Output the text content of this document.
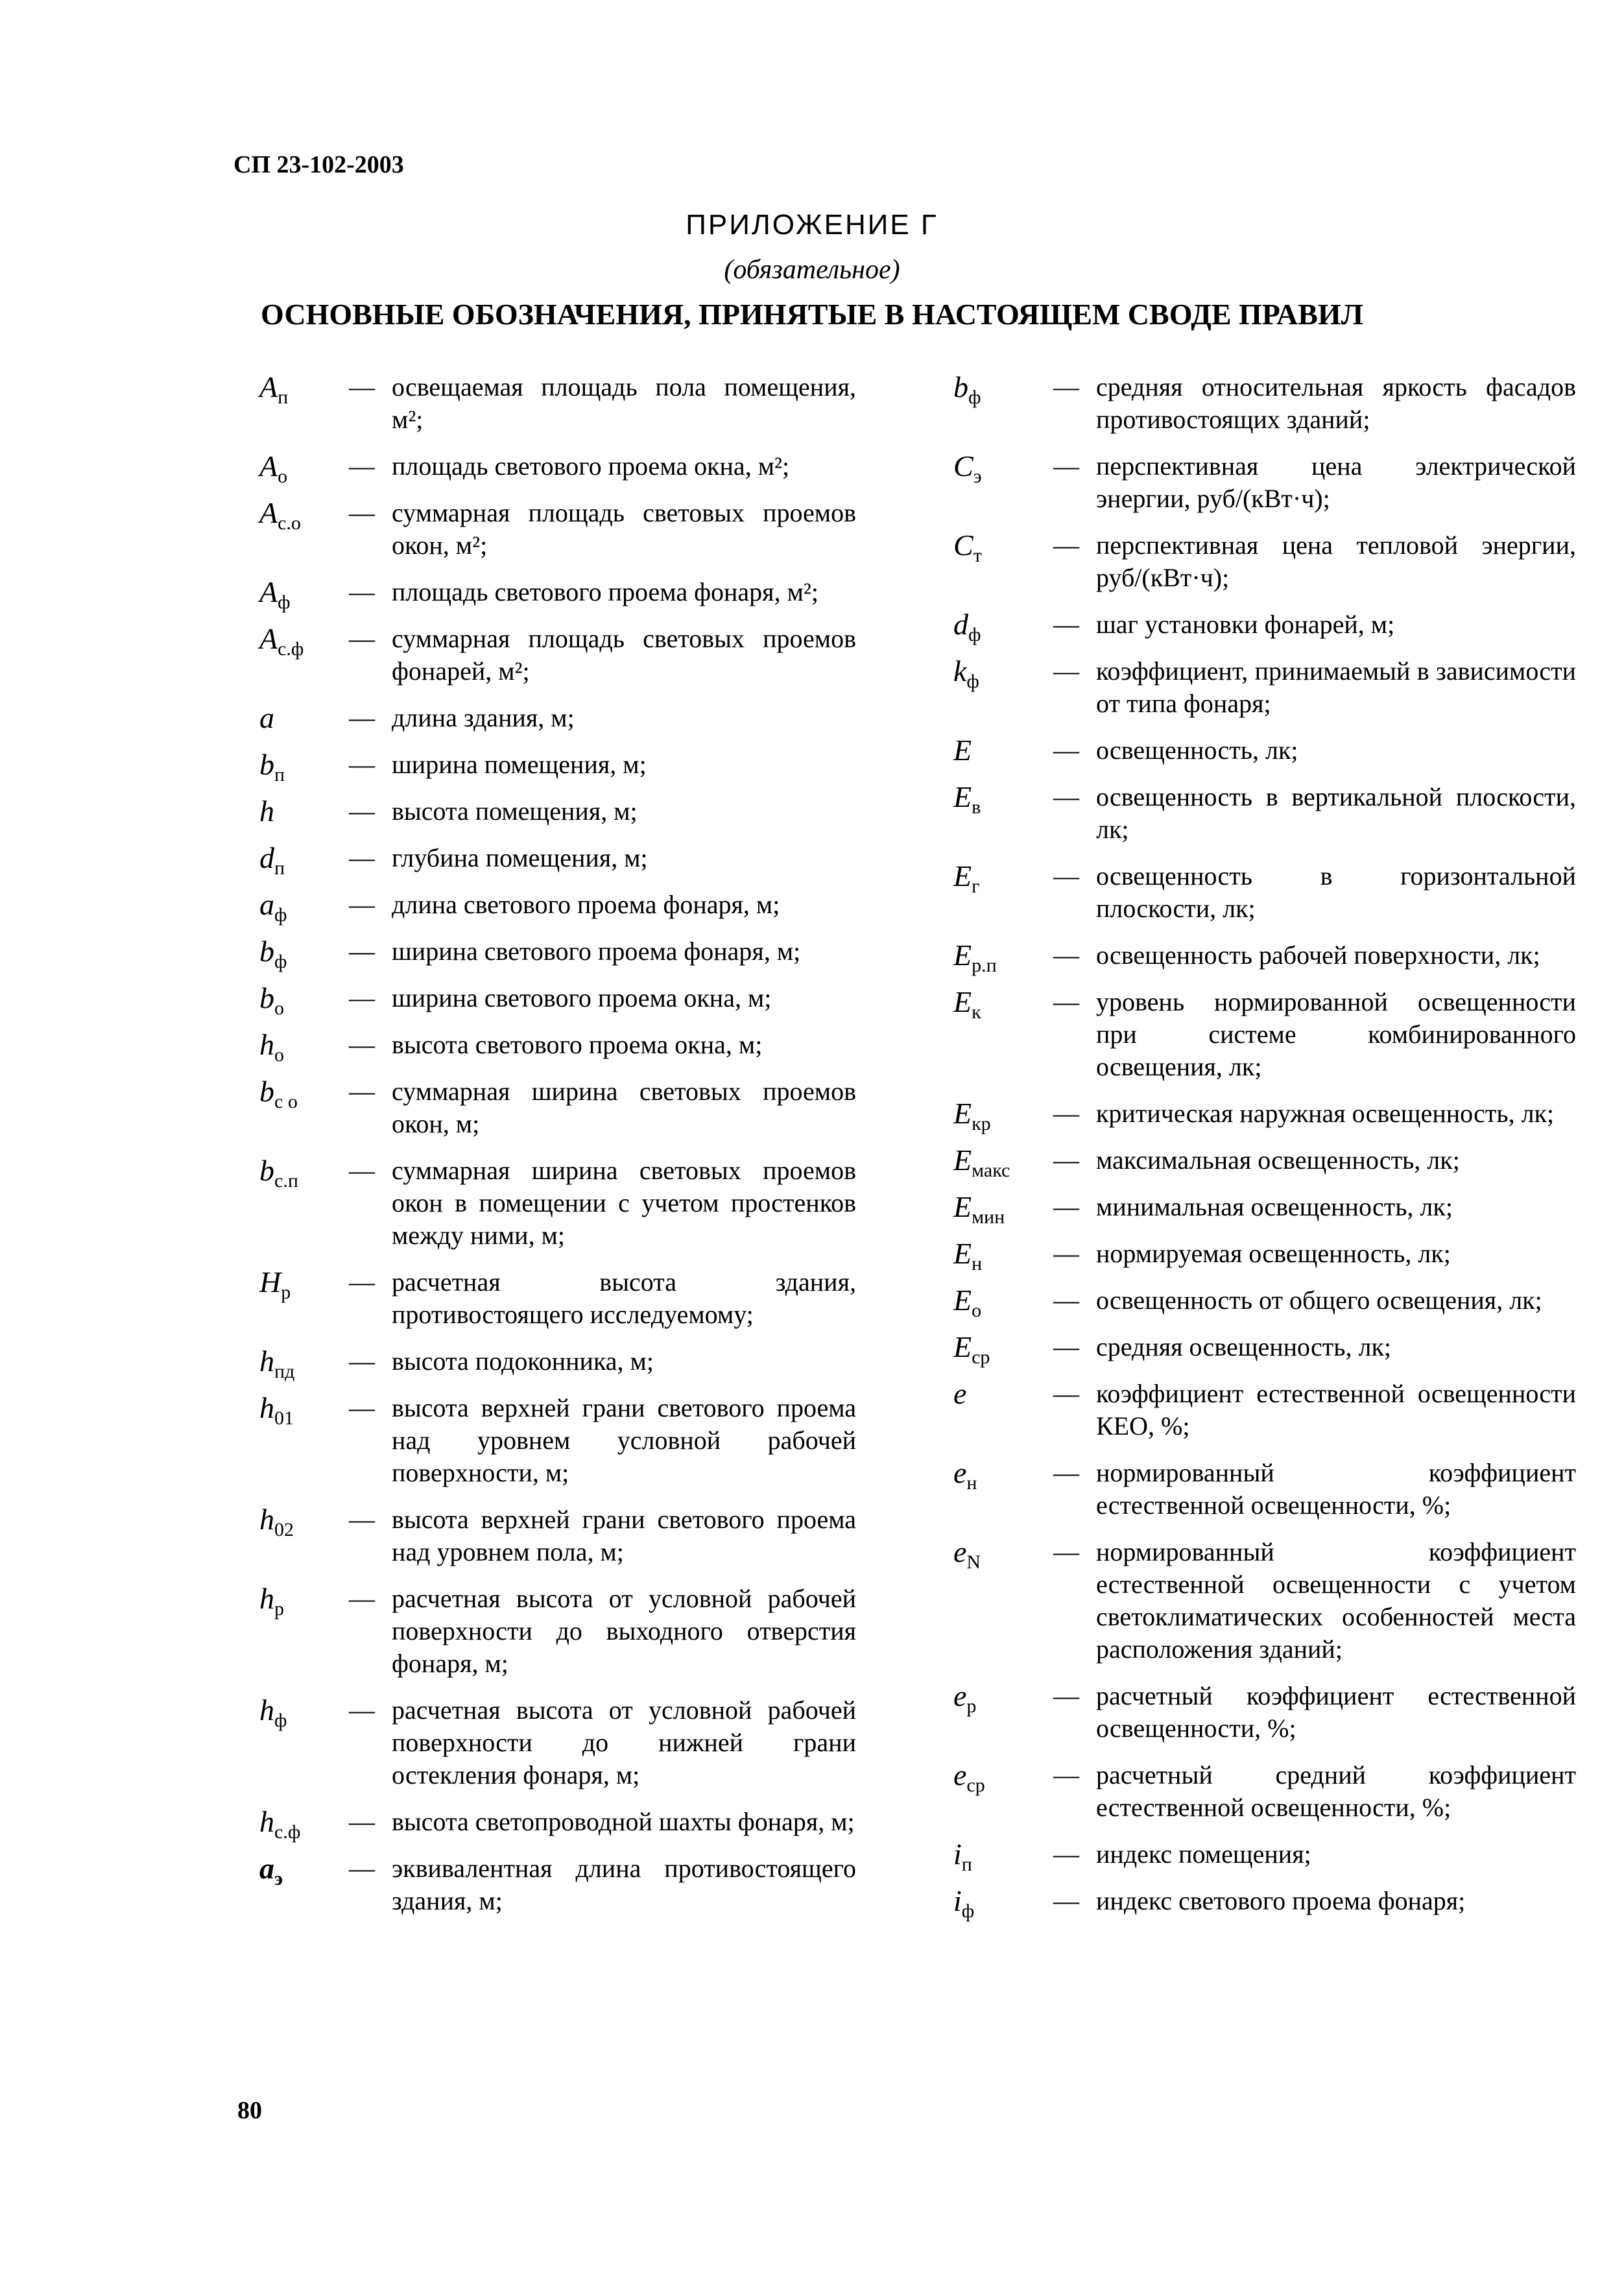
СП 23-102-2003
ПРИЛОЖЕНИЕ Г
(обязательное)
ОСНОВНЫЕ ОБОЗНАЧЕНИЯ, ПРИНЯТЫЕ В НАСТОЯЩЕМ СВОДЕ ПРАВИЛ
$A_п$	— освещаемая площадь пола помещения, м²;
$A_о$	— площадь светового проема окна, м²;
$A_{с.о}$	— суммарная площадь световых проемов окон, м²;
$A_ф$	— площадь светового проема фонаря, м²;
$A_{с.ф}$	— суммарная площадь световых проемов фонарей, м²;
a	— длина здания, м;
$b_п$	— ширина помещения, м;
h	— высота помещения, м;
$d_п$	— глубина помещения, м;
$a_ф$	— длина светового проема фонаря, м;
$b_ф$	— ширина светового проема фонаря, м;
$b_о$	— ширина светового проема окна, м;
$h_о$	— высота светового проема окна, м;
$b_{с о}$	— суммарная ширина световых проемов окон, м;
$b_{с.п}$	— суммарная ширина световых проемов окон в помещении с учетом простенков между ними, м;
$H_р$	— расчетная высота здания, противостоящего исследуемому;
$h_{пд}$	— высота подоконника, м;
$h_{01}$	— высота верхней грани светового проема над уровнем условной рабочей поверхности, м;
$h_{02}$	— высота верхней грани светового проема над уровнем пола, м;
$h_р$	— расчетная высота от условной рабочей поверхности до выходного отверстия фонаря, м;
$h_ф$	— расчетная высота от условной рабочей поверхности до нижней грани остекления фонаря, м;
$h_{с.ф}$	— высота светопроводной шахты фонаря, м;
$a_э$	— эквивалентная длина противостоящего здания, м;
$b_ф$	— средняя относительная яркость фасадов противостоящих зданий;
$C_э$	— перспективная цена электрической энергии, руб/(кВт·ч);
$C_т$	— перспективная цена тепловой энергии, руб/(кВт·ч);
$d_ф$	— шаг установки фонарей, м;
$k_ф$	— коэффициент, принимаемый в зависимости от типа фонаря;
E	— освещенность, лк;
$E_в$	— освещенность в вертикальной плоскости, лк;
$E_г$	— освещенность в горизонтальной плоскости, лк;
$E_{р.п}$	— освещенность рабочей поверхности, лк;
$E_к$	— уровень нормированной освещенности при системе комбинированного освещения, лк;
$E_{кр}$	— критическая наружная освещенность, лк;
$E_{макс}$	— максимальная освещенность, лк;
$E_{мин}$	— минимальная освещенность, лк;
$E_н$	— нормируемая освещенность, лк;
$E_о$	— освещенность от общего освещения, лк;
$E_{ср}$	— средняя освещенность, лк;
e	— коэффициент естественной освещенности КЕО, %;
$e_н$	— нормированный коэффициент естественной освещенности, %;
$e_N$	— нормированный коэффициент естественной освещенности с учетом светоклиматических особенностей места расположения зданий;
$e_р$	— расчетный коэффициент естественной освещенности, %;
$e_{ср}$	— расчетный средний коэффициент естественной освещенности, %;
$i_п$	— индекс помещения;
$i_ф$	— индекс светового проема фонаря;
80
